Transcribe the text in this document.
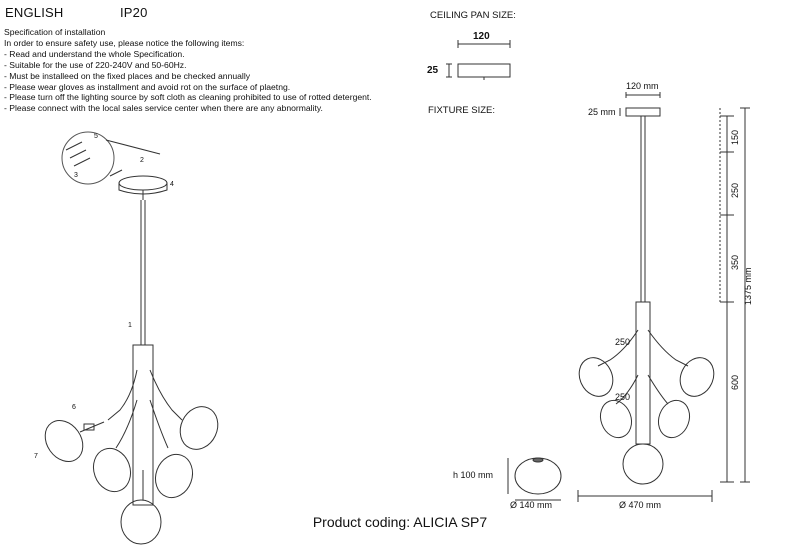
ENGLISH	IP20	CEILING PAN SIZE:
FIXTURE SIZE:
Specification of installation
In order to ensure safety use, please notice the following items:
- Read and understand the whole Specification.
- Suitable for the use of 220-240V and 50-60Hz.
- Must be installeed on the fixed places and be checked annually
- Please wear gloves as installment and avoid rot on the surface of plaetng.
- Please turn off the lighting source by soft cloth as cleaning prohibited to use of rotted detergent.
- Please connect with the local sales service center when there are any abnormality.
120
25
120 mm
25 mm
150
250
350
600
1375 mm
250
250
Ø 470 mm
h 100 mm
Ø 140 mm
5
2
3
4
1
6
7
Product coding: ALICIA SP7
